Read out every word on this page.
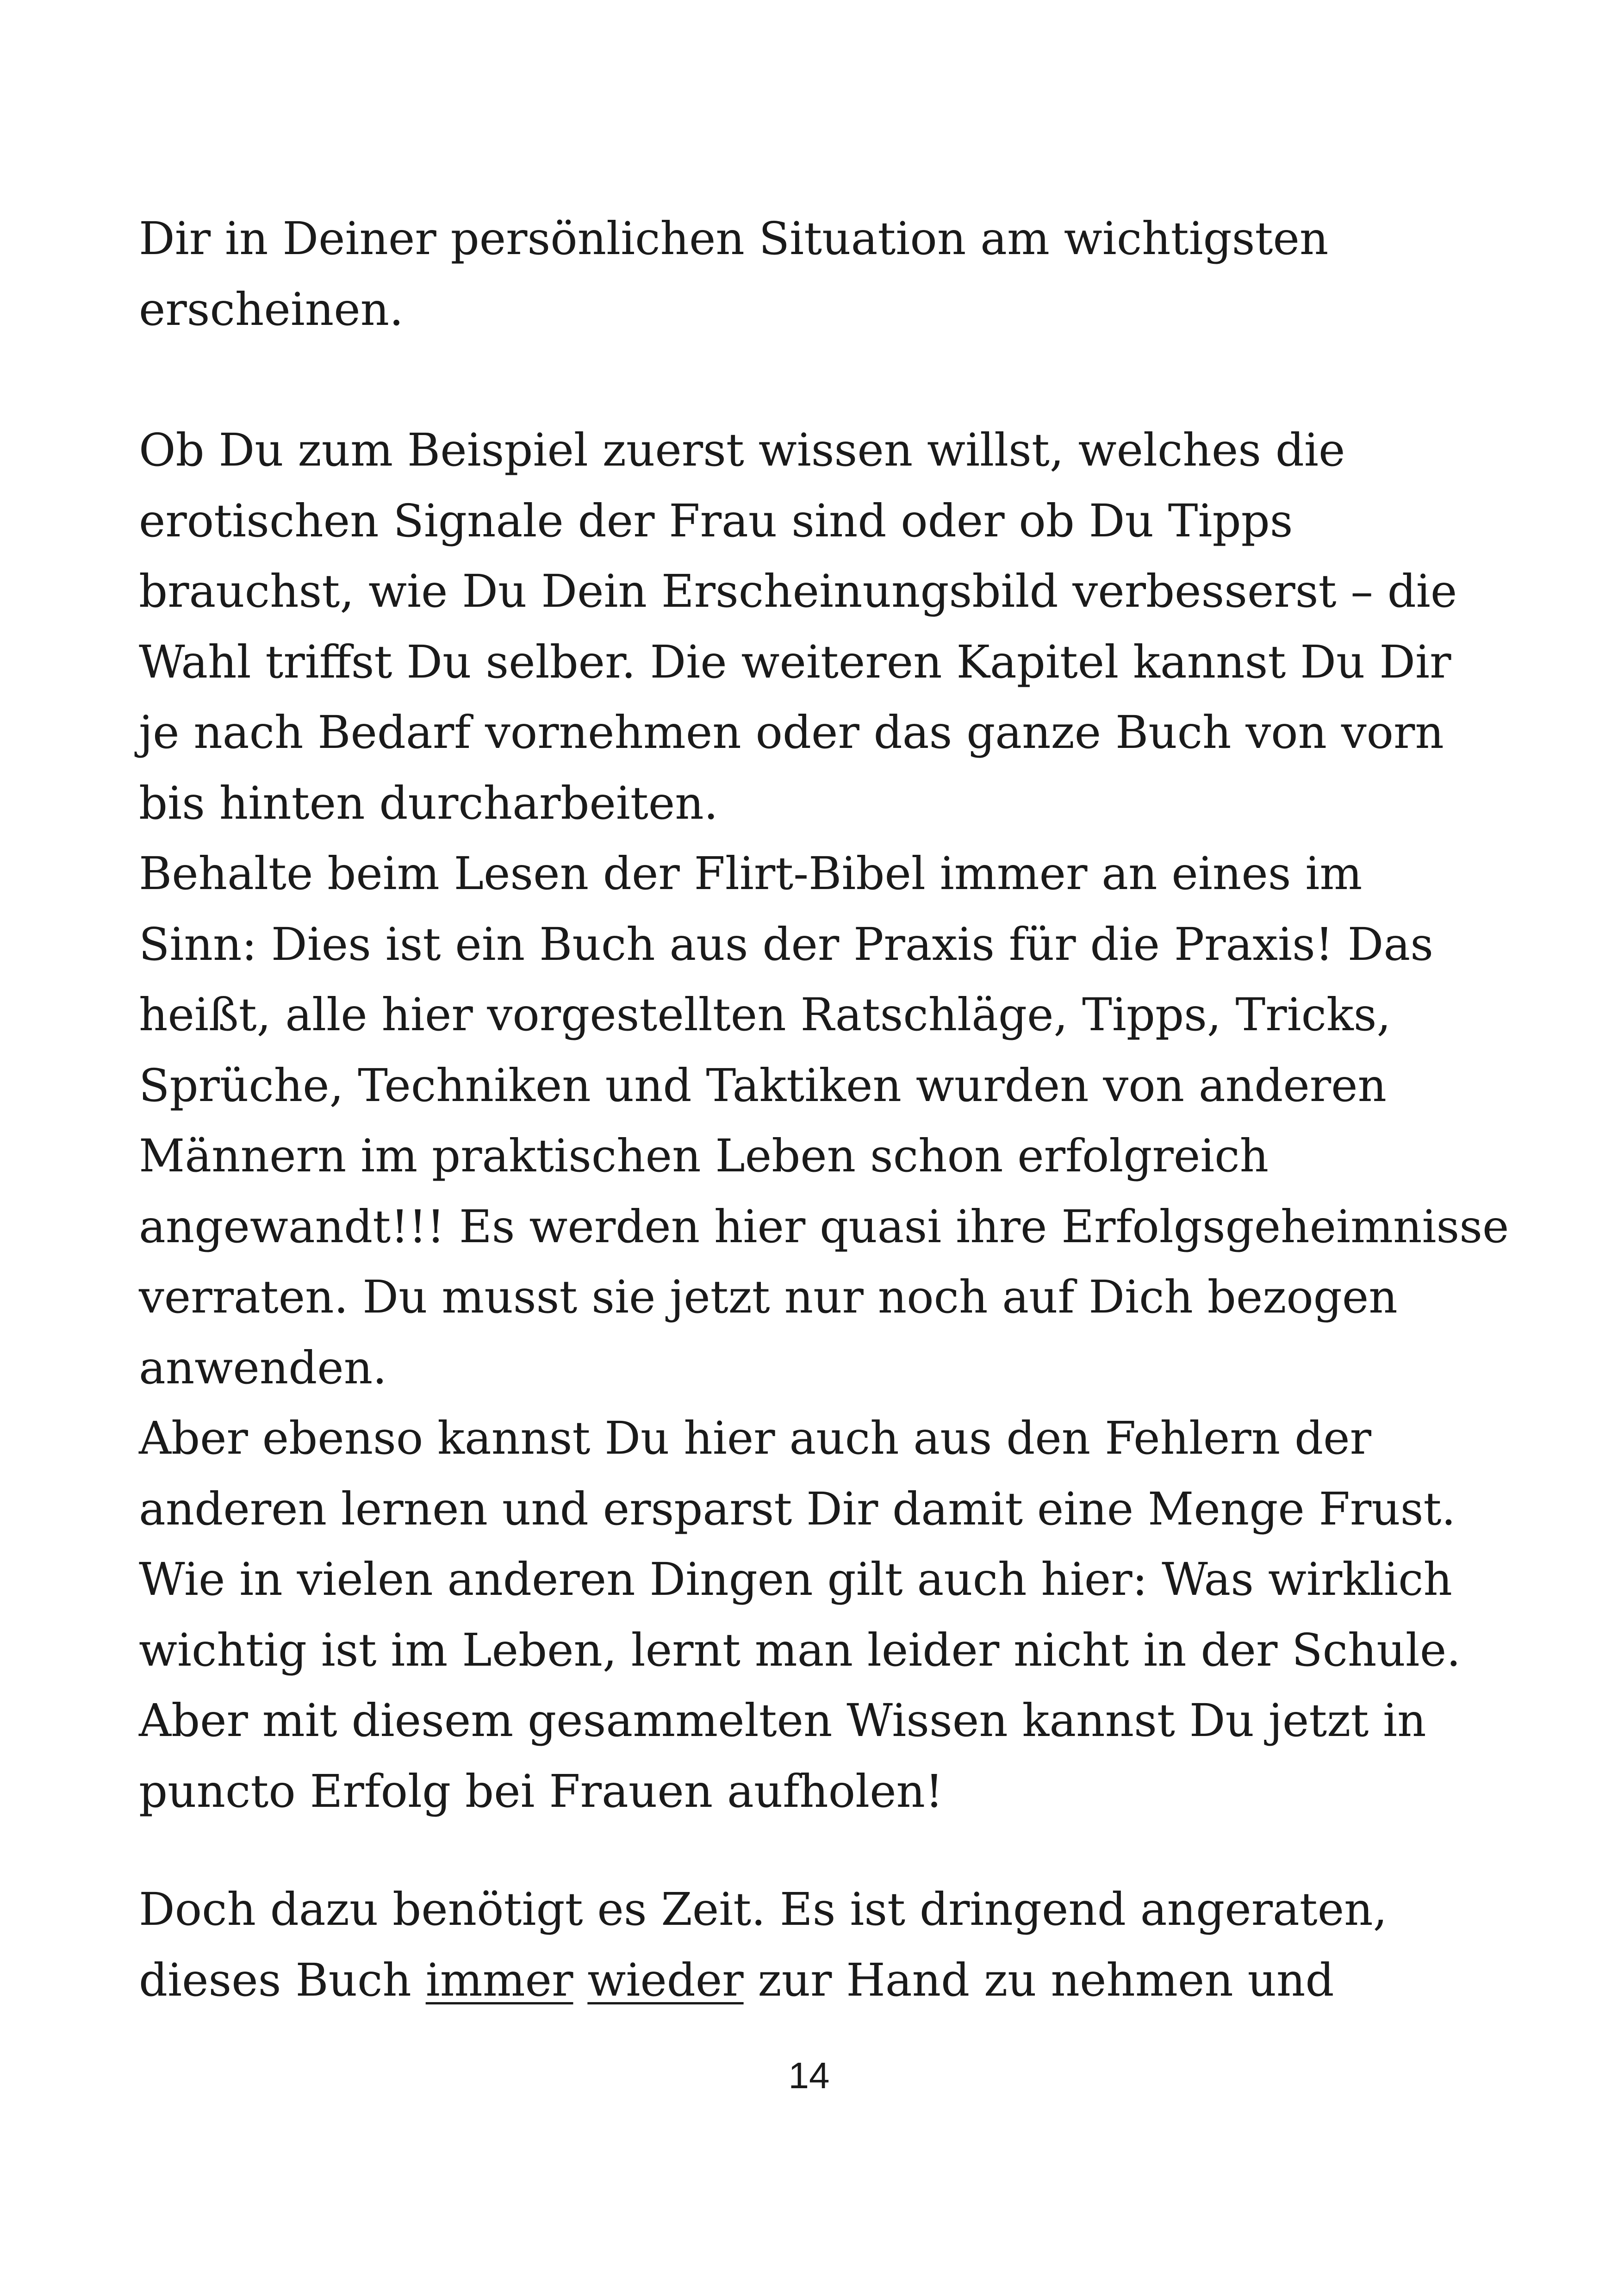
Dir in Deiner persönlichen Situation am wichtigsten
erscheinen.
Ob Du zum Beispiel zuerst wissen willst, welches die
erotischen Signale der Frau sind oder ob Du Tipps
brauchst, wie Du Dein Erscheinungsbild verbesserst – die
Wahl triffst Du selber. Die weiteren Kapitel kannst Du Dir
je nach Bedarf vornehmen oder das ganze Buch von vorn
bis hinten durcharbeiten.
Behalte beim Lesen der Flirt-Bibel immer an eines im
Sinn: Dies ist ein Buch aus der Praxis für die Praxis! Das
heißt, alle hier vorgestellten Ratschläge, Tipps, Tricks,
Sprüche, Techniken und Taktiken wurden von anderen
Männern im praktischen Leben schon erfolgreich
angewandt!!! Es werden hier quasi ihre Erfolgsgeheimnisse
verraten. Du musst sie jetzt nur noch auf Dich bezogen
anwenden.
Aber ebenso kannst Du hier auch aus den Fehlern der
anderen lernen und ersparst Dir damit eine Menge Frust.
Wie in vielen anderen Dingen gilt auch hier: Was wirklich
wichtig ist im Leben, lernt man leider nicht in der Schule.
Aber mit diesem gesammelten Wissen kannst Du jetzt in
puncto Erfolg bei Frauen aufholen!
Doch dazu benötigt es Zeit. Es ist dringend angeraten,
dieses Buch immer wieder zur Hand zu nehmen und
14
